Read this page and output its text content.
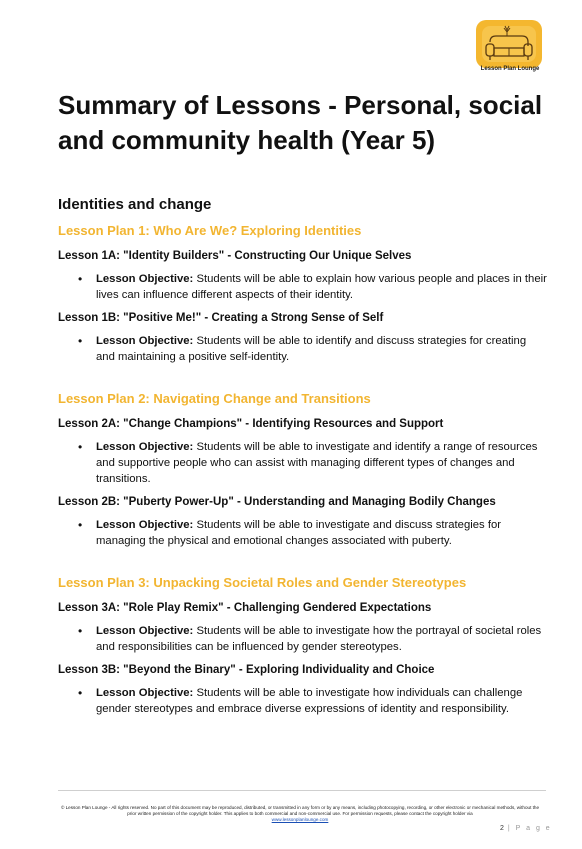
Lesson Plan Lounge
Summary of Lessons - Personal, social and community health (Year 5)
Identities and change
Lesson Plan 1: Who Are We? Exploring Identities

Lesson 1A: "Identity Builders" - Constructing Our Unique Selves

• Lesson Objective: Students will be able to explain how various people and places in their lives can influence different aspects of their identity.

Lesson 1B: "Positive Me!" - Creating a Strong Sense of Self

• Lesson Objective: Students will be able to identify and discuss strategies for creating and maintaining a positive self-identity.

Lesson Plan 2: Navigating Change and Transitions

Lesson 2A: "Change Champions" - Identifying Resources and Support

• Lesson Objective: Students will be able to investigate and identify a range of resources and supportive people who can assist with managing different types of changes and transitions.

Lesson 2B: "Puberty Power-Up" - Understanding and Managing Bodily Changes

• Lesson Objective: Students will be able to investigate and discuss strategies for managing the physical and emotional changes associated with puberty.

Lesson Plan 3: Unpacking Societal Roles and Gender Stereotypes

Lesson 3A: "Role Play Remix" - Challenging Gendered Expectations

• Lesson Objective: Students will be able to investigate how the portrayal of societal roles and responsibilities can be influenced by gender stereotypes.

Lesson 3B: "Beyond the Binary" - Exploring Individuality and Choice

• Lesson Objective: Students will be able to investigate how individuals can challenge gender stereotypes and embrace diverse expressions of identity and responsibility.

© Lesson Plan Lounge - All rights reserved. No part of this document may be reproduced, distributed, or transmitted in any form or by any means, including photocopying, recording, or other electronic or mechanical methods, without the prior written permission of the copyright holder. This applies to both commercial and non-commercial use. For permission requests, please contact the copyright holder via
www.lessonplanlounge.com
2 | P a g e
